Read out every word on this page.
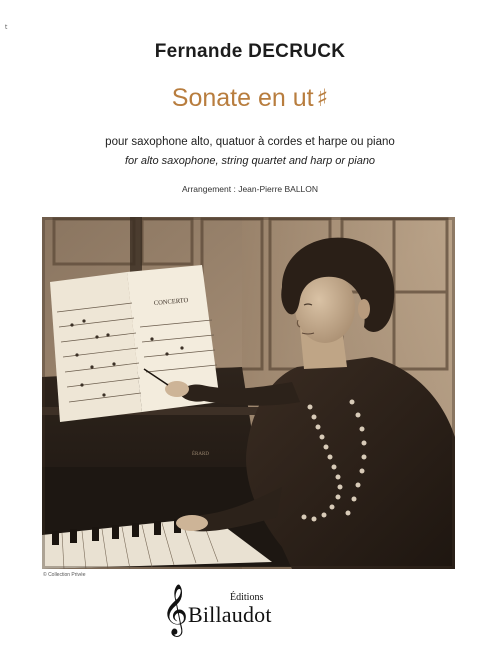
t
Fernande DECRUCK
Sonate en ut ♯
pour saxophone alto, quatuor à cordes et harpe ou piano
for alto saxophone, string quartet and harp or piano
Arrangement : Jean-Pierre BALLON
ÉRARD
CONCERTO
© Collection Privée
𝄞	Éditions
Billaudot
